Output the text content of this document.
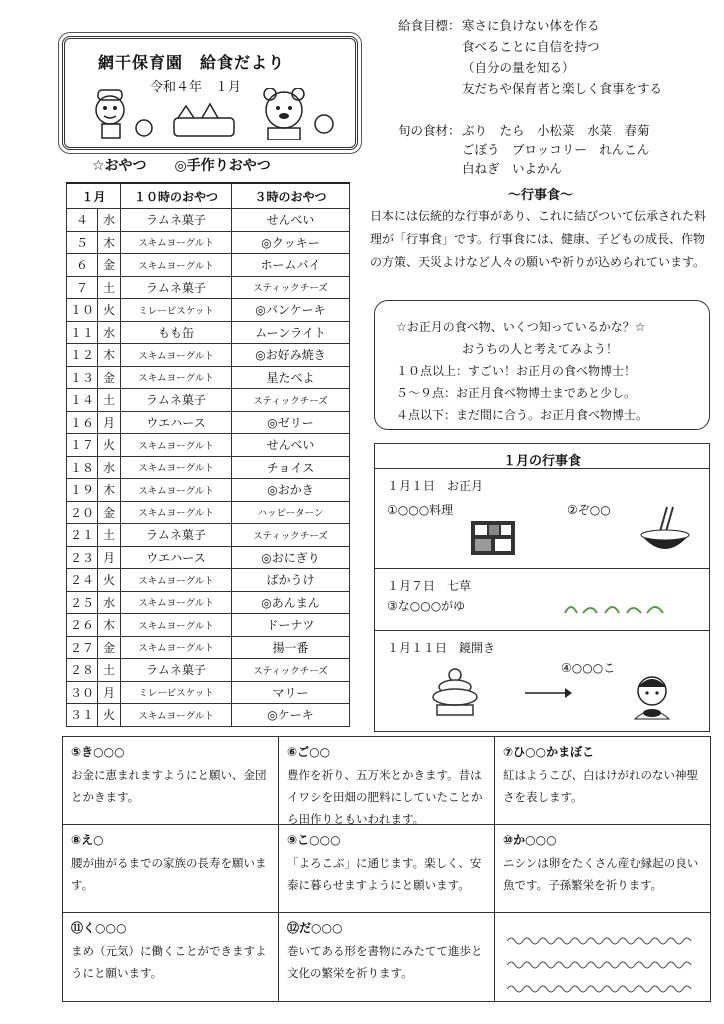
網干保育園　給食だより
令和４年　１月
☆おやつ　　◎手作りおやつ
１月		１０時のおやつ	３時のおやつ
４	水	ラムネ菓子	せんべい
５	木	スキムヨーグルト	◎クッキー
６	金	スキムヨーグルト	ホームパイ
７	土	ラムネ菓子	スティックチーズ
１０	火	ミレービスケット	◎パンケーキ
１１	水	もも缶	ムーンライト
１２	木	スキムヨーグルト	◎お好み焼き
１３	金	スキムヨーグルト	星たべよ
１４	土	ラムネ菓子	スティックチーズ
１６	月	ウエハース	◎ゼリー
１７	火	スキムヨーグルト	せんべい
１８	水	スキムヨーグルト	チョイス
１９	木	スキムヨーグルト	◎おかき
２０	金	スキムヨーグルト	ハッピーターン
２１	土	ラムネ菓子	スティックチーズ
２３	月	ウエハース	◎おにぎり
２４	火	スキムヨーグルト	ばかうけ
２５	水	スキムヨーグルト	◎あんまん
２６	木	スキムヨーグルト	ドーナツ
２７	金	スキムヨーグルト	揚一番
２８	土	ラムネ菓子	スティックチーズ
３０	月	ミレービスケット	マリー
３１	火	スキムヨーグルト	◎ケーキ
給食目標： 寒さに負けない体を作る
食べることに自信を持つ
（自分の量を知る）
友だちや保育者と楽しく食事をする
旬の食材： ぶり　たら　小松菜　水菜　春菊
ごぼう　ブロッコリー　れんこん
白ねぎ　いよかん
～行事食～
日本には伝統的な行事があり、これに結びついて伝承された料理が「行事食」です。行事食には、健康、子どもの成長、作物の方策、天災よけなど人々の願いや祈りが込められています。
☆お正月の食べ物、いくつ知っているかな？☆
おうちの人と考えてみよう！
１０点以上：すごい！お正月の食べ物博士！
５～９点：お正月食べ物博士まであと少し。
４点以下：まだ間に合う。お正月食べ物博士。
１月の行事食
１月１日　お正月
①○○○料理	②ぞ○○
１月７日　七草
③な○○○がゆ
１月１１日　鏡開き
④○○○こ
⑤き○○○
お金に恵まれますようにと願い、金団とかきます。
⑥ご○○
豊作を祈り、五万米とかきます。昔はイワシを田畑の肥料にしていたことから田作りともいわれます。
⑦ひ○○かまぼこ
紅はようこび、白はけがれのない神聖さを表します。
⑧え○
腰が曲がるまでの家族の長寿を願います。
⑨こ○○○
「よろこぶ」に通じます。楽しく、安泰に暮らせますようにと願います。
⑩か○○○
ニシンは卵をたくさん産む縁起の良い魚です。子孫繁栄を祈ります。
⑪く○○○
まめ（元気）に働くことができますようにと願います。
⑫だ○○○
巻いてある形を書物にみたてて進歩と文化の繁栄を祈ります。
